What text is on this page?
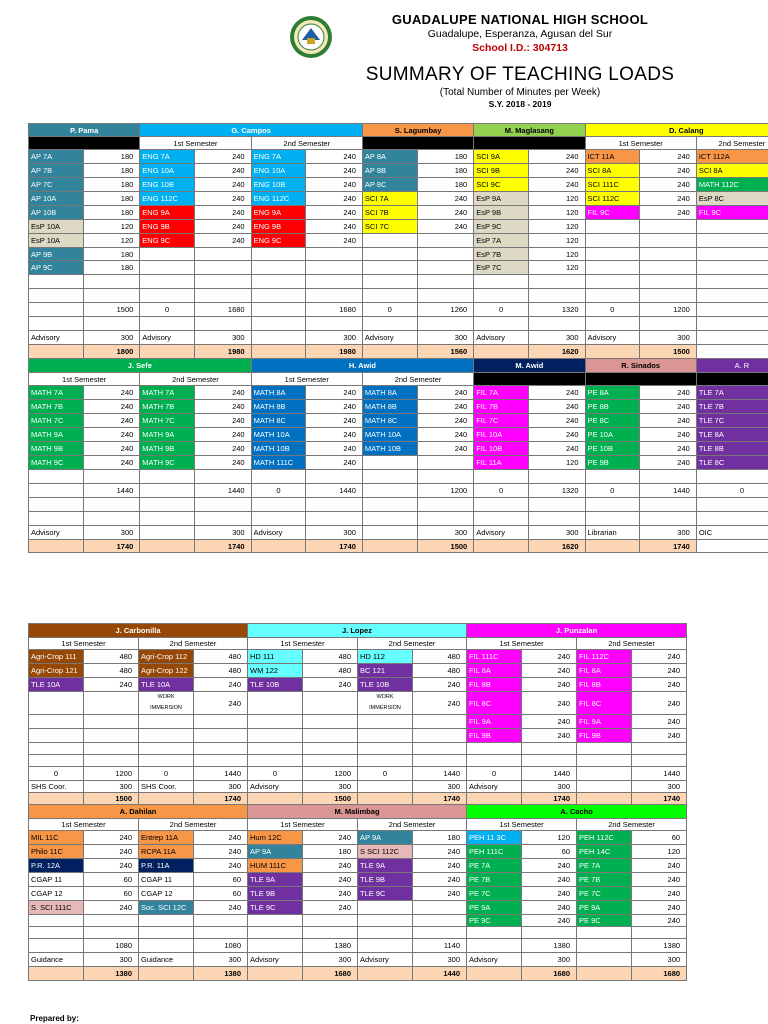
GUADALUPE NATIONAL HIGH SCHOOL
Guadalupe, Esperanza, Agusan del Sur
School I.D.: 304713
SUMMARY OF TEACHING LOADS
(Total Number of Minutes per Week)
S.Y. 2018 - 2019
P. Pama		G. Campos				S. Lagumbay		M. Maglasang		D. Calang		
		1st Semester		2nd Semester						1st Semester		2nd Semester
AP 7A	180	ENG 7A	240	ENG 7A	240	AP 8A	180	SCI 9A	240	ICT 11A	240	ICT 112A
AP 7B	180	ENG 10A	240	ENG 10A	240	AP 8B	180	SCI 9B	240	SCI 8A	240	SCI 8A
AP 7C	180	ENG 10B	240	ENG 10B	240	AP 8C	180	SCI 9C	240	SCI 111C	240	MATH 112C
AP 10A	180	ENG 112C	240	ENG 112C	240	SCI 7A	240	EsP 9A	120	SCI 112C	240	EsP 8C
AP 10B	180	ENG 9A	240	ENG 9A	240	SCI 7B	240	EsP 9B	120	FIL 9C	240	FIL 9C
EsP 10A	120	ENG 9B	240	ENG 9B	240	SCI 7C	240	EsP 9C	120			
EsP 10A	120	ENG 9C	240	ENG 9C	240			EsP 7A	120			
AP 9B	180							EsP 7B	120			
AP 9C	180							EsP 7C	120			

	1500	0	1680		1680	0	1260	0	1320	0	1200	

Advisory	300	Advisory	300		300	Advisory	300	Advisory	300	Advisory	300	
	1800		1980		1980		1560		1620		1500	
J. Sefe				H. Awid				M. Awid		R. Sinados		A. R
1st Semester		2nd Semester		1st Semester		2nd Semester						
MATH 7A	240	MATH 7A	240	MATH 8A	240	MATH 8A	240	FIL 7A	240	PE 8A	240	TLE 7A
MATH 7B	240	MATH 7B	240	MATH 8B	240	MATH 8B	240	FIL 7B	240	PE 8B	240	TLE 7B
MATH 7C	240	MATH 7C	240	MATH 8C	240	MATH 8C	240	FIL 7C	240	PE 8C	240	TLE 7C
MATH 9A	240	MATH 9A	240	MATH 10A	240	MATH 10A	240	FIL 10A	240	PE 10A	240	TLE 8A
MATH 9B	240	MATH 9B	240	MATH 10B	240	MATH 10B	240	FIL 10B	240	PE 10B	240	TLE 8B
MATH 9C	240	MATH 9C	240	MATH 111C	240			FIL 11A	120	PE 9B	240	TLE 8C

	1440		1440	0	1440		1200	0	1320	0	1440	0

Advisory	300		300	Advisory	300		300	Advisory	300	Librarian	300	OIC
	1740		1740		1740		1500		1620		1740	
J. Carbonilla				J. Lopez				J. Punzalan			
1st Semester		2nd Semester		1st Semester		2nd Semester		1st Semester		2nd Semester	
Agri-Crop 111	480	Agri-Crop 112	480	HD 111	480	HD 112	480	FIL 111C	240	FIL 112C	240
Agri-Crop 121	480	Agri-Crop 122	480	WM 122	480	BC 121	480	FIL 8A	240	FIL 8A	240
TLE 10A	240	TLE 10A	240	TLE 10B	240	TLE 10B	240	FIL 8B	240	FIL 8B	240
		WORK IMMERSION	240			WORK IMMERSION	240	FIL 8C	240	FIL 8C	240
								FIL 9A	240	FIL 9A	240
								FIL 9B	240	FIL 9B	240

0	1200	0	1440	0	1200	0	1440	0	1440		1440
SHS Coor.	300	SHS Coor.	300	Advisory	300		300	Advisory	300		300
	1500		1740		1500		1740		1740		1740
A. Dahilan				M. Malimbag				A. Cacho			
1st Semester		2nd Semester		1st Semester		2nd Semester		1st Semester		2nd Semester	
MIL 11C	240	Entrep 11A	240	Hum 12C	240	AP 9A	180	PEH 11 3C	120	PEH 112C	60
Philo 11C	240	RCPA 11A	240	AP 9A	180	S SCI 112C	240	PEH 111C	60	PEH 14C	120
P.R. 12A	240	P.R. 11A	240	HUM 111C	240	TLE 9A	240	PE 7A	240	PE 7A	240
CGAP 11	60	CGAP 11	60	TLE 9A	240	TLE 9B	240	PE 7B	240	PE 7B	240
CGAP 12	60	CGAP 12	60	TLE 9B	240	TLE 9C	240	PE 7C	240	PE 7C	240
S. SCI 111C	240	Soc. SCI 12C	240	TLE 9C	240			PE 9A	240	PE 9A	240
								PE 9C	240	PE 9C	240

	1080		1080		1380		1140		1380		1380
Guidance	300	Guidance	300	Advisory	300	Advisory	300	Advisory	300		300
	1380		1380		1680		1440		1680		1680
Prepared by:
